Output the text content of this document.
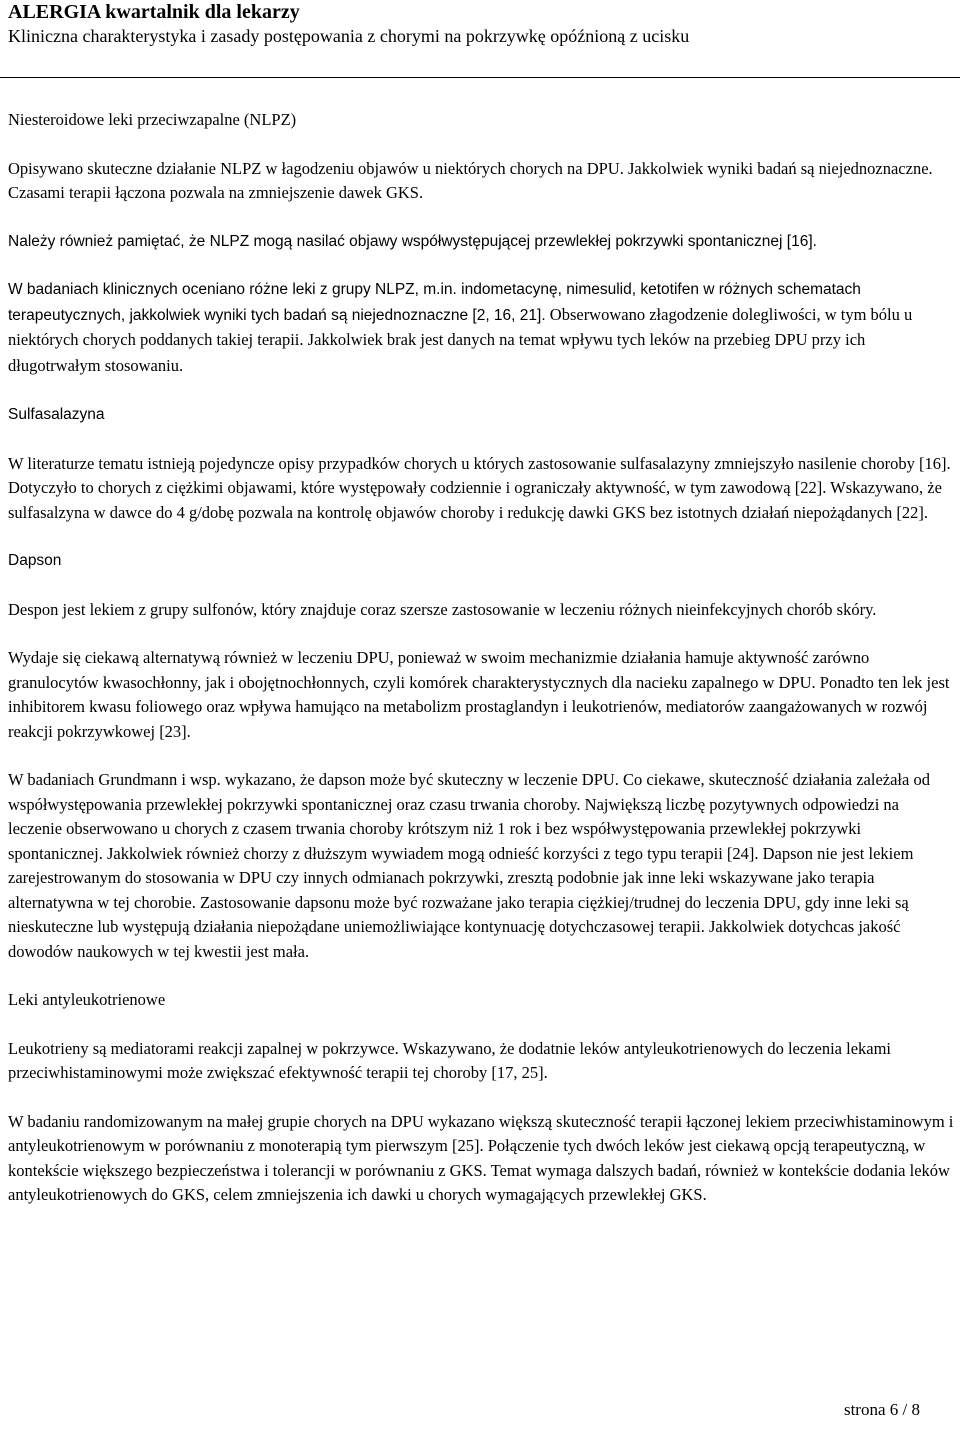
ALERGIA kwartalnik dla lekarzy

Kliniczna charakterystyka i zasady postępowania z chorymi na pokrzywkę opóźnioną z ucisku

Niesteroidowe leki przeciwzapalne (NLPZ)

Opisywano skuteczne działanie NLPZ w łagodzeniu objawów u niektórych chorych na DPU. Jakkolwiek wyniki badań są niejednoznaczne. Czasami terapii łączona pozwala na zmniejszenie dawek GKS.

Należy również pamiętać, że NLPZ mogą nasilać objawy współwystępującej przewlekłej pokrzywki spontanicznej [16].

W badaniach klinicznych oceniano różne leki z grupy NLPZ, m.in. indometacynę, nimesulid, ketotifen w różnych schematach terapeutycznych, jakkolwiek wyniki tych badań są niejednoznaczne [2, 16, 21]. Obserwowano złagodzenie dolegliwości, w tym bólu u niektórych chorych poddanych takiej terapii. Jakkolwiek brak jest danych na temat wpływu tych leków na przebieg DPU przy ich długotrwałym stosowaniu.

Sulfasalazyna

W literaturze tematu istnieją pojedyncze opisy przypadków chorych u których zastosowanie sulfasalazyny zmniejszyło nasilenie choroby [16]. Dotyczyło to chorych z ciężkimi objawami, które występowały codziennie i ograniczały aktywność, w tym zawodową [22]. Wskazywano, że sulfasalzyna w dawce do 4 g/dobę pozwala na kontrolę objawów choroby i redukcję dawki GKS bez istotnych działań niepożądanych [22].

Dapson

Despon jest lekiem z grupy sulfonów, który znajduje coraz szersze zastosowanie w leczeniu różnych nieinfekcyjnych chorób skóry.

Wydaje się ciekawą alternatywą również w leczeniu DPU, ponieważ w swoim mechanizmie działania hamuje aktywność zarówno granulocytów kwasochłonny, jak i obojętnochłonnych, czyli komórek charakterystycznych dla nacieku zapalnego w DPU. Ponadto ten lek jest inhibitorem kwasu foliowego oraz wpływa hamująco na metabolizm prostaglandyn i leukotrienów, mediatorów zaangażowanych w rozwój reakcji pokrzywkowej [23].

W badaniach Grundmann i wsp. wykazano, że dapson może być skuteczny w leczenie DPU. Co ciekawe, skuteczność działania zależała od współwystępowania przewlekłej pokrzywki spontanicznej oraz czasu trwania choroby. Największą liczbę pozytywnych odpowiedzi na leczenie obserwowano u chorych z czasem trwania choroby krótszym niż 1 rok i bez współwystępowania przewlekłej pokrzywki spontanicznej. Jakkolwiek również chorzy z dłuższym wywiadem mogą odnieść korzyści z tego typu terapii [24]. Dapson nie jest lekiem zarejestrowanym do stosowania w DPU czy innych odmianach pokrzywki, zresztą podobnie jak inne leki wskazywane jako terapia alternatywna w tej chorobie. Zastosowanie dapsonu może być rozważane jako terapia ciężkiej/trudnej do leczenia DPU, gdy inne leki są nieskuteczne lub występują działania niepożądane uniemożliwiające kontynuację dotychczasowej terapii. Jakkolwiek dotychcas jakość dowodów naukowych w tej kwestii jest mała.

Leki antyleukotrienowe

Leukotrieny są mediatorami reakcji zapalnej w pokrzywce. Wskazywano, że dodatnie leków antyleukotrienowych do leczenia lekami przeciwhistaminowymi może zwiększać efektywność terapii tej choroby [17, 25].

W badaniu randomizowanym na małej grupie chorych na DPU wykazano większą skuteczność terapii łączonej lekiem przeciwhistaminowym i antyleukotrienowym w porównaniu z monoterapią tym pierwszym [25]. Połączenie tych dwóch leków jest ciekawą opcją terapeutyczną, w kontekście większego bezpieczeństwa i tolerancji w porównaniu z GKS. Temat wymaga dalszych badań, również w kontekście dodania leków antyleukotrienowych do GKS, celem zmniejszenia ich dawki u chorych wymagających przewlekłej GKS.

strona 6 / 8
